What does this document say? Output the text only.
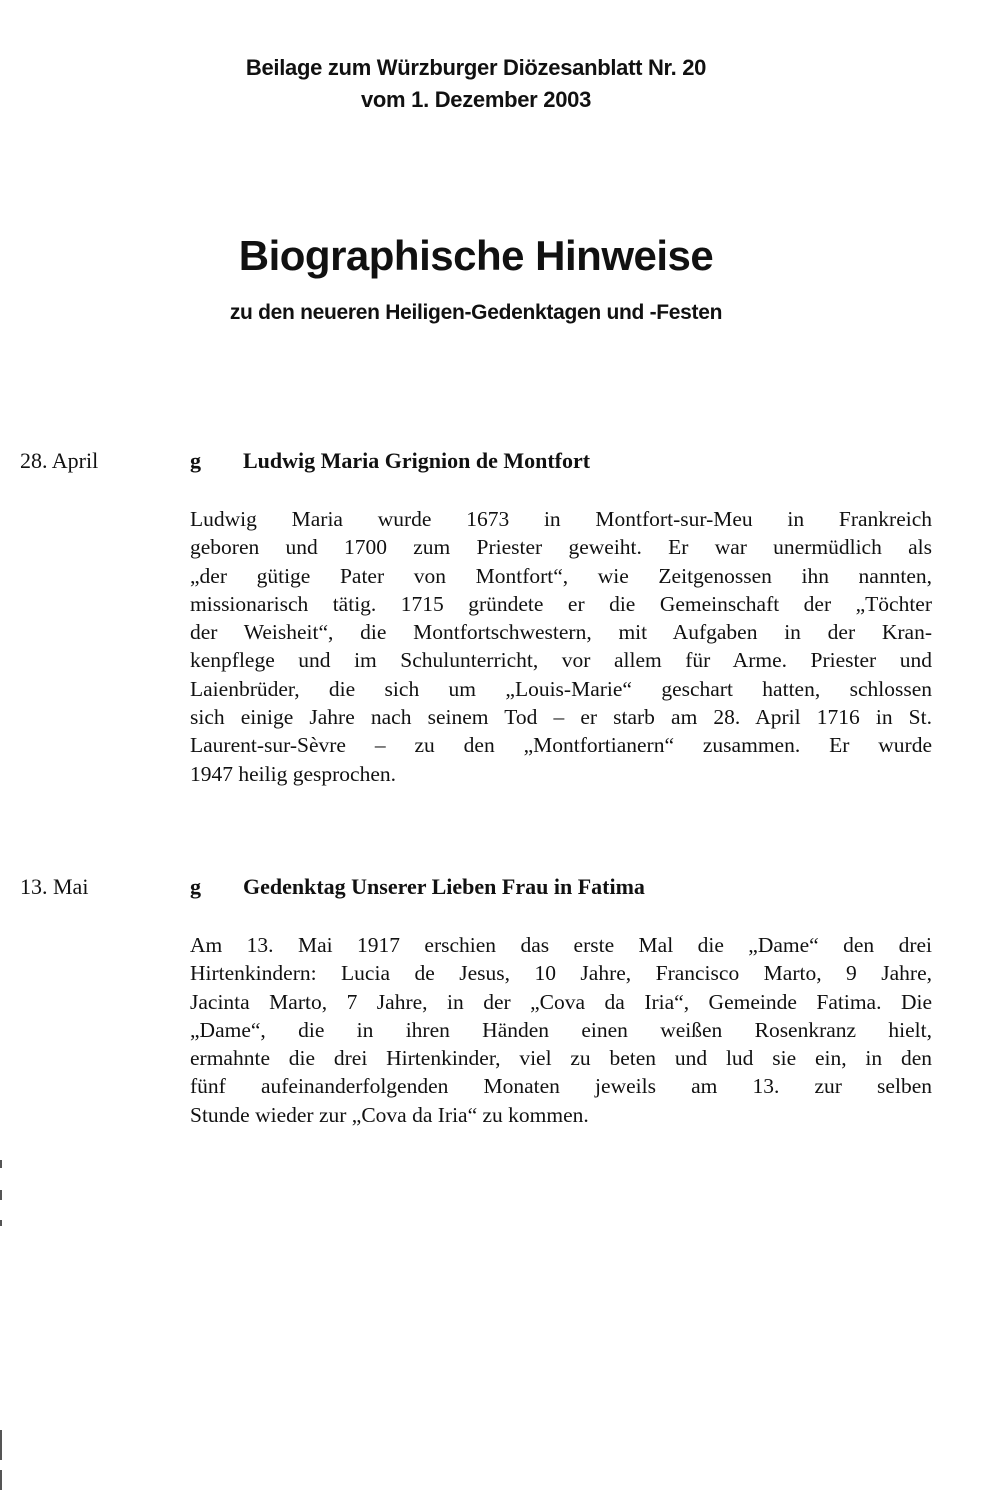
Beilage zum Würzburger Diözesanblatt Nr. 20
vom 1. Dezember 2003
Biographische Hinweise
zu den neueren Heiligen-Gedenktagen und -Festen
28. April	g Ludwig Maria Grignion de Montfort
Ludwig Maria wurde 1673 in Montfort-sur-Meu in Frankreich
geboren und 1700 zum Priester geweiht. Er war unermüdlich als
„der gütige Pater von Montfort“, wie Zeitgenossen ihn nannten,
missionarisch tätig. 1715 gründete er die Gemeinschaft der „Töchter
der Weisheit“, die Montfortschwestern, mit Aufgaben in der Kran-
kenpflege und im Schulunterricht, vor allem für Arme. Priester und
Laienbrüder, die sich um „Louis-Marie“ geschart hatten, schlossen
sich einige Jahre nach seinem Tod – er starb am 28. April 1716 in St.
Laurent-sur-Sèvre – zu den „Montfortianern“ zusammen. Er wurde
1947 heilig gesprochen.
13. Mai	g Gedenktag Unserer Lieben Frau in Fatima
Am 13. Mai 1917 erschien das erste Mal die „Dame“ den drei
Hirtenkindern: Lucia de Jesus, 10 Jahre, Francisco Marto, 9 Jahre,
Jacinta Marto, 7 Jahre, in der „Cova da Iria“, Gemeinde Fatima. Die
„Dame“, die in ihren Händen einen weißen Rosenkranz hielt,
ermahnte die drei Hirtenkinder, viel zu beten und lud sie ein, in den
fünf aufeinanderfolgenden Monaten jeweils am 13. zur selben
Stunde wieder zur „Cova da Iria“ zu kommen.
